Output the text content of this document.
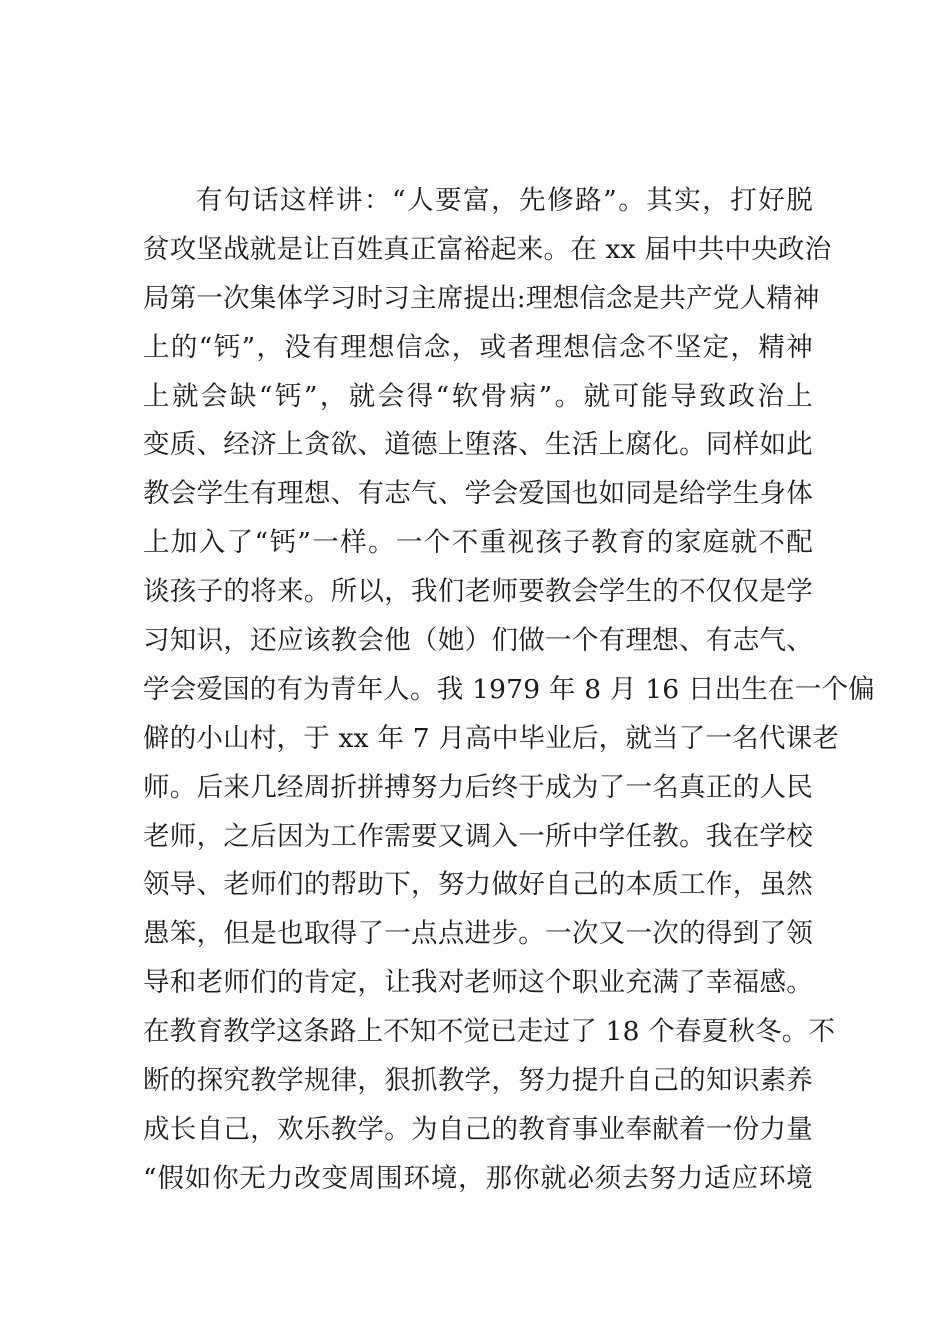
有句话这样讲：“人要富，先修路”。其实，打好脱
贫攻坚战就是让百姓真正富裕起来。在 xx 届中共中央政治
局第一次集体学习时习主席提出:理想信念是共产党人精神
上的“钙”，没有理想信念，或者理想信念不坚定，精神
上就会缺“钙”，就会得“软骨病”。就可能导致政治上
变质、经济上贪欲、道德上堕落、生活上腐化。同样如此
教会学生有理想、有志气、学会爱国也如同是给学生身体
上加入了“钙”一样。一个不重视孩子教育的家庭就不配
谈孩子的将来。所以，我们老师要教会学生的不仅仅是学
习知识，还应该教会他（她）们做一个有理想、有志气、
学会爱国的有为青年人。我 1979 年 8 月 16 日出生在一个偏
僻的小山村，于 xx 年 7 月高中毕业后，就当了一名代课老
师。后来几经周折拼搏努力后终于成为了一名真正的人民
老师，之后因为工作需要又调入一所中学任教。我在学校
领导、老师们的帮助下，努力做好自己的本质工作，虽然
愚笨，但是也取得了一点点进步。一次又一次的得到了领
导和老师们的肯定，让我对老师这个职业充满了幸福感。
在教育教学这条路上不知不觉已走过了 18 个春夏秋冬。不
断的探究教学规律，狠抓教学，努力提升自己的知识素养
成长自己，欢乐教学。为自己的教育事业奉献着一份力量
“假如你无力改变周围环境，那你就必须去努力适应环境
